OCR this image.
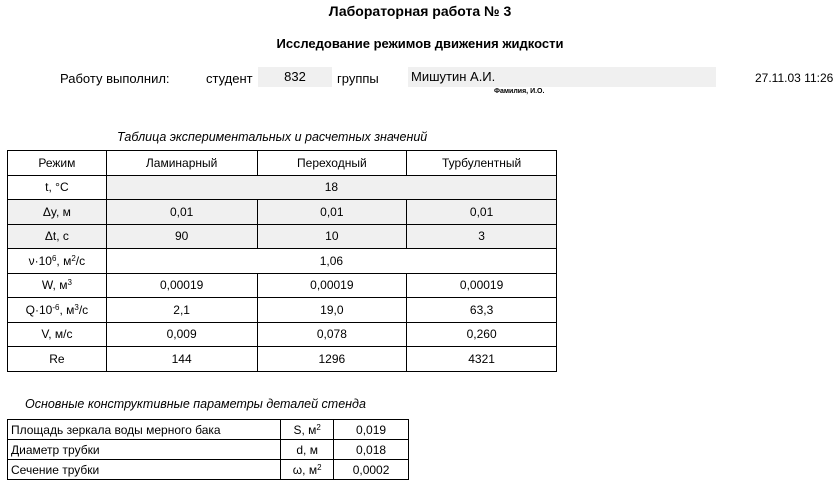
Лабораторная работа № 3
Исследование режимов движения жидкости
Работу выполнил:	студент	832	группы Мишутин А.И.
Фамилия, И.О.
27.11.03 11:26
Таблица экспериментальных и расчетных значений
Режим	Ламинарный	Переходный	Турбулентный
t, °C	18		
Δy, м	0,01	0,01	0,01
Δt, c	90	10	3
$\nu\cdot 10^6$, $м^2/с$	1,06		
W, $м^3$	0,00019	0,00019	0,00019
$Q\cdot 10^{-6}$, $м^3/с$	2,1	19,0	63,3
V, м/с	0,009	0,078	0,260
Re	144	1296	4321
Основные конструктивные параметры деталей стенда
Площадь зеркала воды мерного бака	S, $м^2$	0,019
Диаметр трубки	d, м	0,018
Сечение трубки	ω, $м^2$	0,0002
